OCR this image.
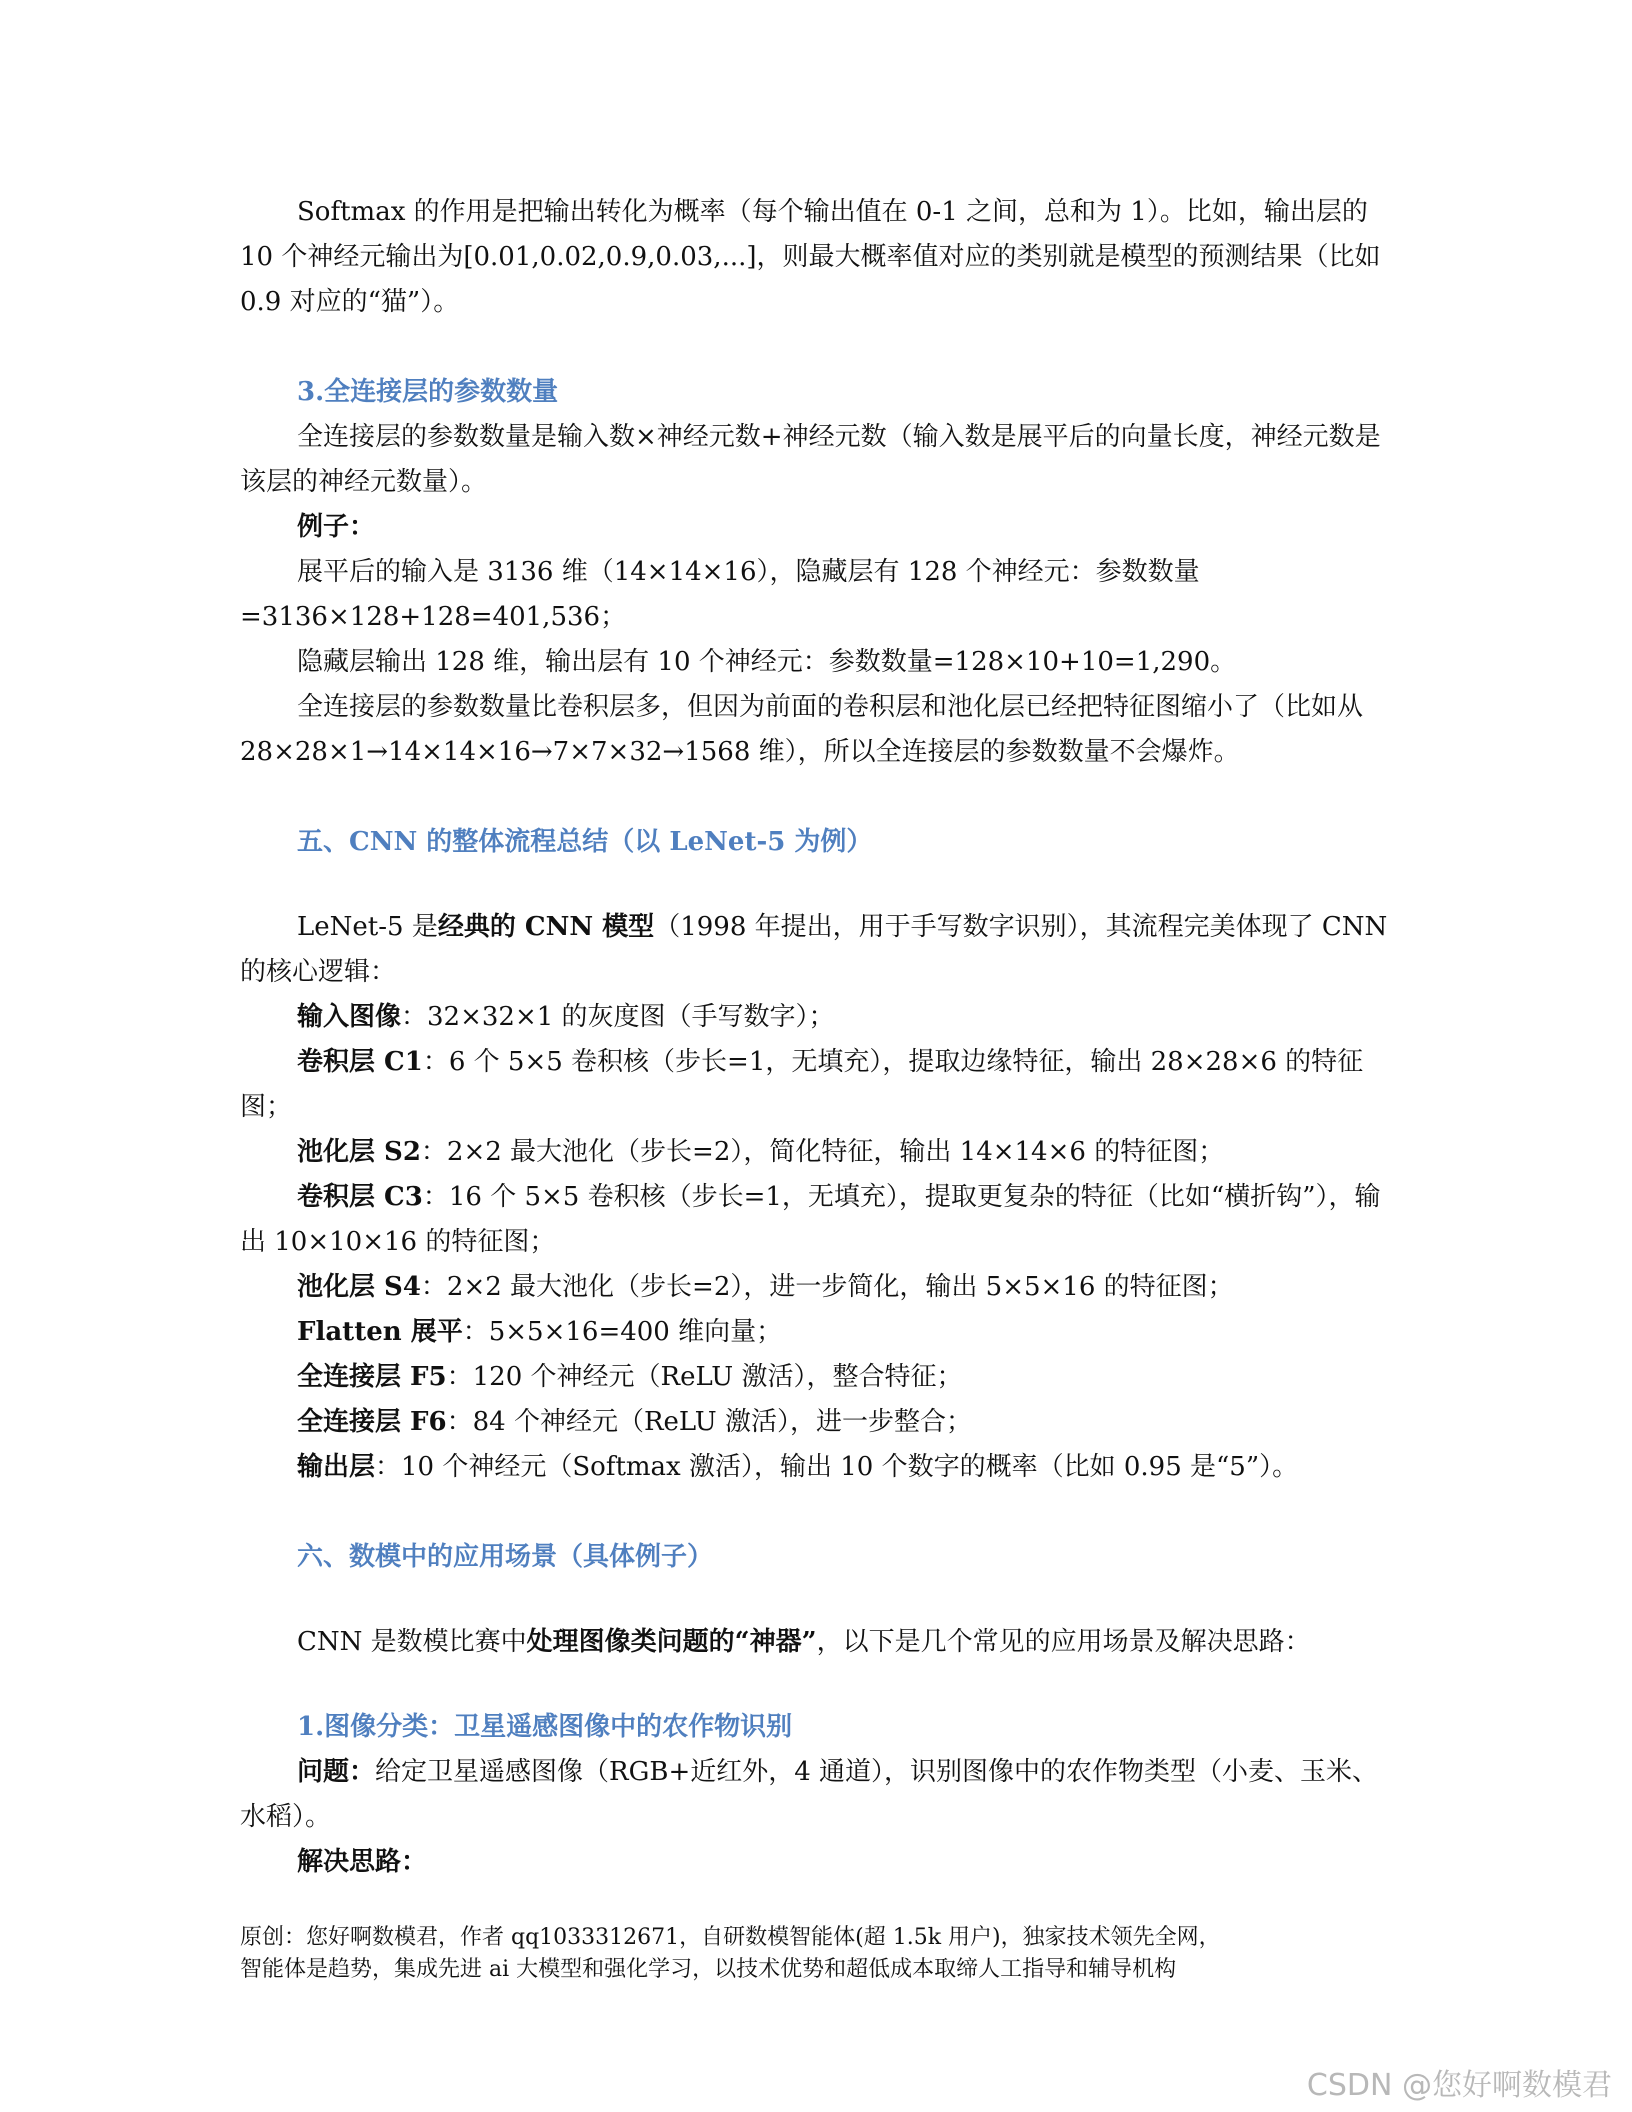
Softmax 的作用是把输出转化为概率（每个输出值在 0-1 之间，总和为 1）。比如，输出层的 10 个神经元输出为[0.01,0.02,0.9,0.03,...]，则最大概率值对应的类别就是模型的预测结果（比如 0.9 对应的“猫”）。

3.全连接层的参数数量

全连接层的参数数量是输入数×神经元数+神经元数（输入数是展平后的向量长度，神经元数是该层的神经元数量）。

例子：

展平后的输入是 3136 维（14×14×16），隐藏层有 128 个神经元：参数数量=3136×128+128=401,536；

隐藏层输出 128 维，输出层有 10 个神经元：参数数量=128×10+10=1,290。

全连接层的参数数量比卷积层多，但因为前面的卷积层和池化层已经把特征图缩小了（比如从 28×28×1→14×14×16→7×7×32→1568 维），所以全连接层的参数数量不会爆炸。

五、CNN 的整体流程总结（以 LeNet-5 为例）

LeNet-5 是经典的 CNN 模型（1998 年提出，用于手写数字识别），其流程完美体现了 CNN 的核心逻辑：

输入图像：32×32×1 的灰度图（手写数字）；

卷积层 C1：6 个 5×5 卷积核（步长=1，无填充），提取边缘特征，输出 28×28×6 的特征图；

池化层 S2：2×2 最大池化（步长=2），简化特征，输出 14×14×6 的特征图；

卷积层 C3：16 个 5×5 卷积核（步长=1，无填充），提取更复杂的特征（比如“横折钩”），输出 10×10×16 的特征图；

池化层 S4：2×2 最大池化（步长=2），进一步简化，输出 5×5×16 的特征图；

Flatten 展平：5×5×16=400 维向量；

全连接层 F5：120 个神经元（ReLU 激活），整合特征；

全连接层 F6：84 个神经元（ReLU 激活），进一步整合；

输出层：10 个神经元（Softmax 激活），输出 10 个数字的概率（比如 0.95 是“5”）。

六、数模中的应用场景（具体例子）

CNN 是数模比赛中处理图像类问题的“神器”，以下是几个常见的应用场景及解决思路：

1.图像分类：卫星遥感图像中的农作物识别

问题：给定卫星遥感图像（RGB+近红外，4 通道），识别图像中的农作物类型（小麦、玉米、水稻）。

解决思路：

原创：您好啊数模君，作者 qq1033312671，自研数模智能体(超 1.5k 用户)，独家技术领先全网，

智能体是趋势，集成先进 ai 大模型和强化学习，以技术优势和超低成本取缔人工指导和辅导机构

CSDN @您好啊数模君
